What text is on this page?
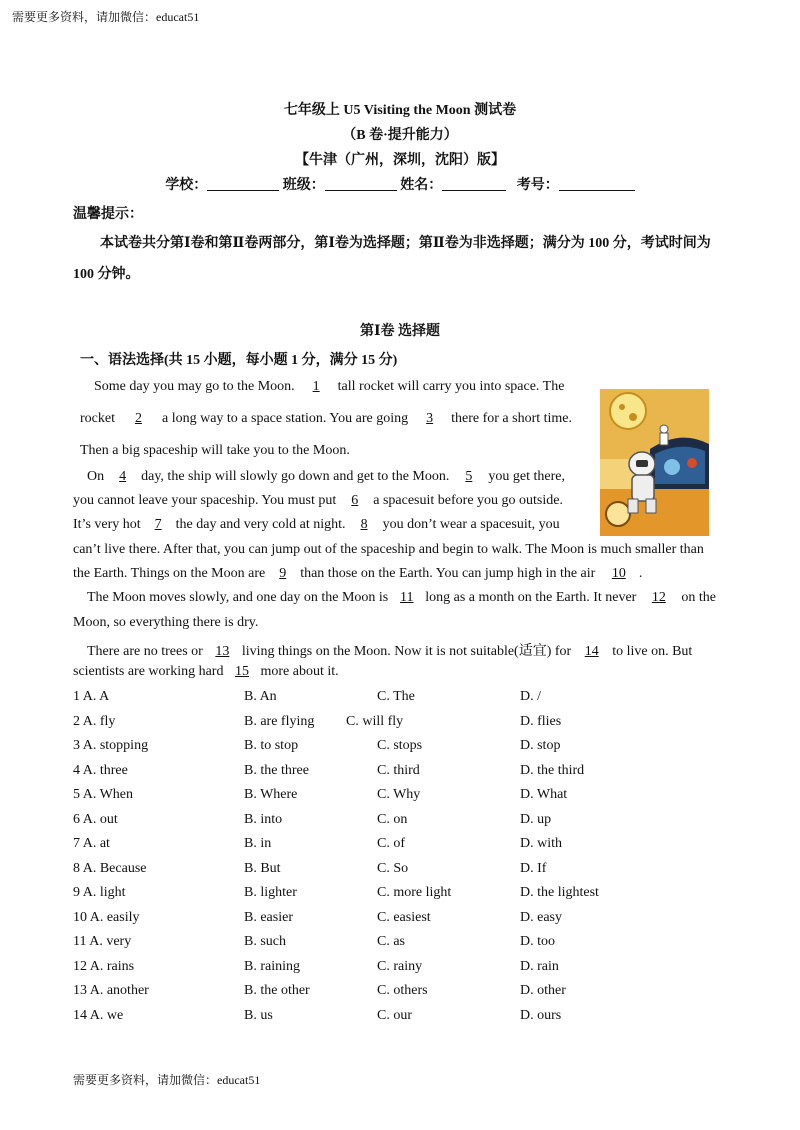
需要更多资料，请加微信：educat51
七年级上 U5 Visiting the Moon 测试卷
（B 卷·提升能力）
【牛津（广州，深圳，沈阳）版】
学校：	班级：	姓名：	考号：
温馨提示：
本试卷共分第Ⅰ卷和第Ⅱ卷两部分，第Ⅰ卷为选择题；第Ⅱ卷为非选择题；满分为 100 分，考试时间为 100 分钟。
第Ⅰ卷 选择题
一、语法选择(共 15 小题，每小题 1 分，满分 15 分)
Some day you may go to the Moon. 1 tall rocket will carry you into space. The
rocket 2 a long way to a space station. You are going 3 there for a short time.
Then a big spaceship will take you to the Moon.
On 4 day, the ship will slowly go down and get to the Moon. 5 you get there,
you cannot leave your spaceship. You must put 6 a spacesuit before you go outside.
It’s very hot 7 the day and very cold at night. 8 you don’t wear a spacesuit, you
can’t live there. After that, you can jump out of the spaceship and begin to walk. The Moon is much smaller than
the Earth. Things on the Moon are 9 than those on the Earth. You can jump high in the air 10 .
The Moon moves slowly, and one day on the Moon is 11 long as a month on the Earth. It never 12 on the
Moon, so everything there is dry.
There are no trees or 13 living things on the Moon. Now it is not suitable(适宜) for 14 to live on. But
scientists are working hard 15 more about it.
1 A. A	B. An	C. The	D. /
2 A. fly	B. are flying C. will fly	D. flies
3 A. stopping	B. to stop	C. stops	D. stop
4 A. three	B. the three	C. third	D. the third
5 A. When	B. Where	C. Why	D. What
6 A. out	B. into	C. on	D. up
7 A. at	B. in	C. of	D. with
8 A. Because	B. But	C. So	D. If
9 A. light	B. lighter	C. more light	D. the lightest
10 A. easily	B. easier	C. easiest	D. easy
11 A. very	B. such	C. as	D. too
12 A. rains	B. raining	C. rainy	D. rain
13 A. another	B. the other	C. others	D. other
14 A. we	B. us	C. our	D. ours
需要更多资料，请加微信：educat51
